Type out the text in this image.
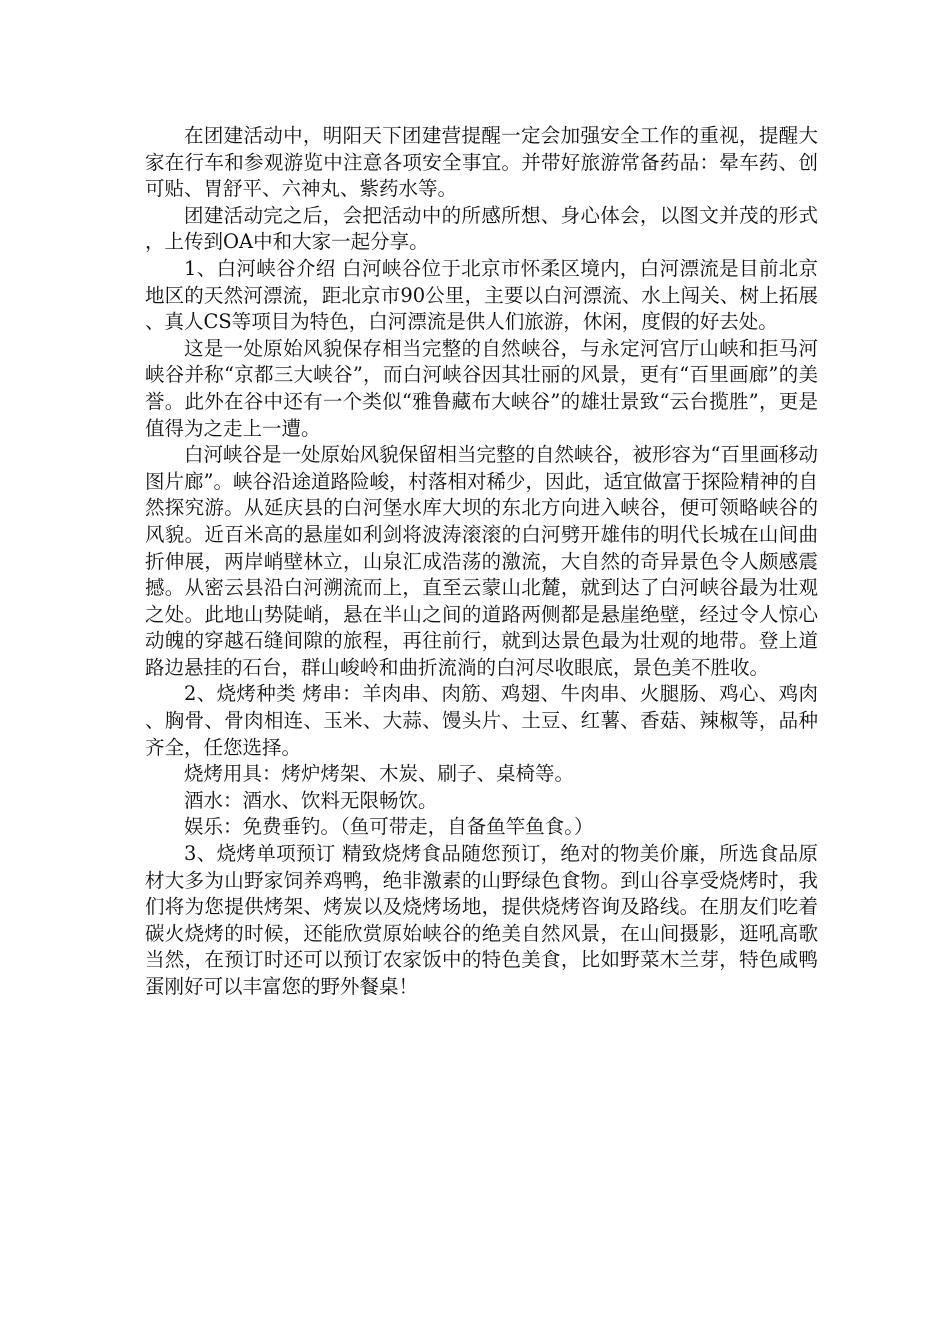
在团建活动中，明阳天下团建营提醒一定会加强安全工作的重视，提醒大家在行车和参观游览中注意各项安全事宜。并带好旅游常备药品：晕车药、创可贴、胃舒平、六神丸、紫药水等。

团建活动完之后，会把活动中的所感所想、身心体会，以图文并茂的形式，上传到OA中和大家一起分享。

1、白河峡谷介绍 白河峡谷位于北京市怀柔区境内，白河漂流是目前北京地区的天然河漂流，距北京市90公里，主要以白河漂流、水上闯关、树上拓展、真人CS等项目为特色，白河漂流是供人们旅游，休闲，度假的好去处。

这是一处原始风貌保存相当完整的自然峡谷，与永定河宫厅山峡和拒马河峡谷并称“京都三大峡谷”，而白河峡谷因其壮丽的风景，更有“百里画廊”的美誉。此外在谷中还有一个类似“雅鲁藏布大峡谷”的雄壮景致“云台揽胜”，更是值得为之走上一遭。

白河峡谷是一处原始风貌保留相当完整的自然峡谷，被形容为“百里画移动图片廊”。峡谷沿途道路险峻，村落相对稀少，因此，适宜做富于探险精神的自然探究游。从延庆县的白河堡水库大坝的东北方向进入峡谷，便可领略峡谷的风貌。近百米高的悬崖如利剑将波涛滚滚的白河劈开雄伟的明代长城在山间曲折伸展，两岸峭壁林立，山泉汇成浩荡的激流，大自然的奇异景色令人颇感震撼。从密云县沿白河溯流而上，直至云蒙山北麓，就到达了白河峡谷最为壮观之处。此地山势陡峭，悬在半山之间的道路两侧都是悬崖绝壁，经过令人惊心动魄的穿越石缝间隙的旅程，再往前行，就到达景色最为壮观的地带。登上道路边悬挂的石台，群山峻岭和曲折流淌的白河尽收眼底，景色美不胜收。

2、烧烤种类 烤串：羊肉串、肉筋、鸡翅、牛肉串、火腿肠、鸡心、鸡肉、胸骨、骨肉相连、玉米、大蒜、馒头片、土豆、红薯、香菇、辣椒等，品种齐全，任您选择。

烧烤用具：烤炉烤架、木炭、刷子、桌椅等。

酒水：酒水、饮料无限畅饮。

娱乐：免费垂钓。（鱼可带走，自备鱼竿鱼食。）

3、烧烤单项预订 精致烧烤食品随您预订，绝对的物美价廉，所选食品原材大多为山野家饲养鸡鸭，绝非激素的山野绿色食物。到山谷享受烧烤时，我们将为您提供烤架、烤炭以及烧烤场地，提供烧烤咨询及路线。在朋友们吃着碳火烧烤的时候，还能欣赏原始峡谷的绝美自然风景，在山间摄影，逛吼高歌当然，在预订时还可以预订农家饭中的特色美食，比如野菜木兰芽，特色咸鸭蛋刚好可以丰富您的野外餐桌！
